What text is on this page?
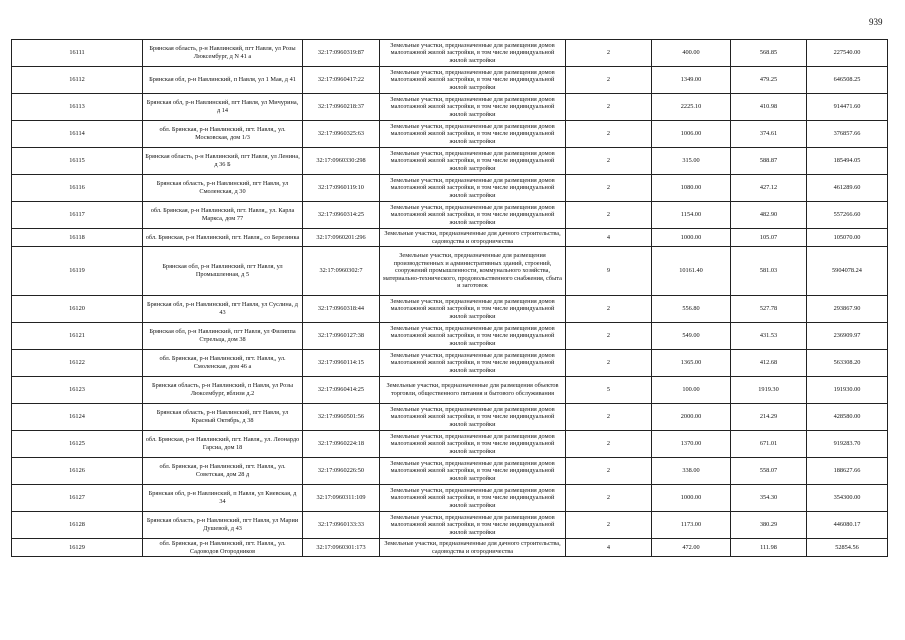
939
16111	Брянская область, р-н Навлинский, пгт Навля, ул Розы Люксембург, д N 41 а	32:17:0960319:87	Земельные участки, предназначенные для размещения домов малоэтажной жилой застройки, в том числе индивидуальной жилой застройки	2	400.00	568.85	227540.00
16112	Брянская обл, р-н Навлинский, п Навля, ул 1 Мая, д 41	32:17:0960417:22	Земельные участки, предназначенные для размещения домов малоэтажной жилой застройки, в том числе индивидуальной жилой застройки	2	1349.00	479.25	646508.25
16113	Брянская обл, р-н Навлинский, пгт Навля, ул Мичурина, д 14	32:17:0960218:37	Земельные участки, предназначенные для размещения домов малоэтажной жилой застройки, в том числе индивидуальной жилой застройки	2	2225.10	410.98	914471.60
16114	обл. Брянская, р-н Навлинский, пгт. Навля,, ул. Московская, дом 1/3	32:17:0960325:63	Земельные участки, предназначенные для размещения домов малоэтажной жилой застройки, в том числе индивидуальной жилой застройки	2	1006.00	374.61	376857.66
16115	Брянская область, р-н Навлинский, пгт Навля, ул Ленина, д 36 Б	32:17:0960330:298	Земельные участки, предназначенные для размещения домов малоэтажной жилой застройки, в том числе индивидуальной жилой застройки	2	315.00	588.87	185494.05
16116	Брянская область, р-н Навлинский, пгт Навля, ул Смоленская, д 30	32:17:0960119:10	Земельные участки, предназначенные для размещения домов малоэтажной жилой застройки, в том числе индивидуальной жилой застройки	2	1080.00	427.12	461289.60
16117	обл. Брянская, р-н Навлинский, пгт. Навля,, ул. Карла Маркса, дом 77	32:17:0960314:25	Земельные участки, предназначенные для размещения домов малоэтажной жилой застройки, в том числе индивидуальной жилой застройки	2	1154.00	482.90	557266.60
16118	обл. Брянская, р-н Навлинский, пгт. Навля,, со Березинка	32:17:0960201:296	Земельные участки, предназначенные для дачного строительства, садоводства и огородничества	4	1000.00	105.07	105070.00
16119	Брянская обл, р-н Навлинский, пгт Навля, ул Промышленная, д 5	32:17:0960302:7	Земельные участки, предназначенные для размещения производственных и административных зданий, строений, сооружений промышленности, коммунального хозяйства, материально-технического, продовольственного снабжения, сбыта и заготовок	9	10161.40	581.03	5904078.24
16120	Брянская обл, р-н Навлинский, пгт Навля, ул Суслина, д 43	32:17:0960318:44	Земельные участки, предназначенные для размещения домов малоэтажной жилой застройки, в том числе индивидуальной жилой застройки	2	556.80	527.78	293867.90
16121	Брянская обл, р-н Навлинский, пгт Навля, ул Филиппа Стрельца, дом 38	32:17:0960127:38	Земельные участки, предназначенные для размещения домов малоэтажной жилой застройки, в том числе индивидуальной жилой застройки	2	549.00	431.53	236909.97
16122	обл. Брянская, р-н Навлинский, пгт. Навля,, ул. Смоленская, дом 46 а	32:17:0960114:15	Земельные участки, предназначенные для размещения домов малоэтажной жилой застройки, в том числе индивидуальной жилой застройки	2	1365.00	412.68	563308.20
16123	Брянская область, р-н Навлинский, п Навля, ул Розы Люксембург, вблизи д.2	32:17:0960414:25	Земельные участки, предназначенные для размещения объектов торговли, общественного питания и бытового обслуживания	5	100.00	1919.30	191930.00
16124	Брянская область, р-н Навлинский, пгт Навля, ул Красный Октябрь, д 38	32:17:0960501:56	Земельные участки, предназначенные для размещения домов малоэтажной жилой застройки, в том числе индивидуальной жилой застройки	2	2000.00	214.29	428580.00
16125	обл. Брянская, р-н Навлинский, пгт. Навля,, ул. Леонардо Гарсиа, дом 18	32:17:0960224:18	Земельные участки, предназначенные для размещения домов малоэтажной жилой застройки, в том числе индивидуальной жилой застройки	2	1370.00	671.01	919283.70
16126	обл. Брянская, р-н Навлинский, пгт. Навля,, ул. Советская, дом 28 д	32:17:0960226:50	Земельные участки, предназначенные для размещения домов малоэтажной жилой застройки, в том числе индивидуальной жилой застройки	2	338.00	558.07	188627.66
16127	Брянская обл, р-н Навлинский, п Навля, ул Киевская, д 34	32:17:0960311:109	Земельные участки, предназначенные для размещения домов малоэтажной жилой застройки, в том числе индивидуальной жилой застройки	2	1000.00	354.30	354300.00
16128	Брянская область, р-н Навлинский, пгт Навля, ул Марии Душевой, д 43	32:17:0960133:33	Земельные участки, предназначенные для размещения домов малоэтажной жилой застройки, в том числе индивидуальной жилой застройки	2	1173.00	380.29	446080.17
16129	обл. Брянская, р-н Навлинский, пгт. Навля,, ул. Садоводов Огородников	32:17:0960301:173	Земельные участки, предназначенные для дачного строительства, садоводства и огородничества	4	472.00	111.98	52854.56
